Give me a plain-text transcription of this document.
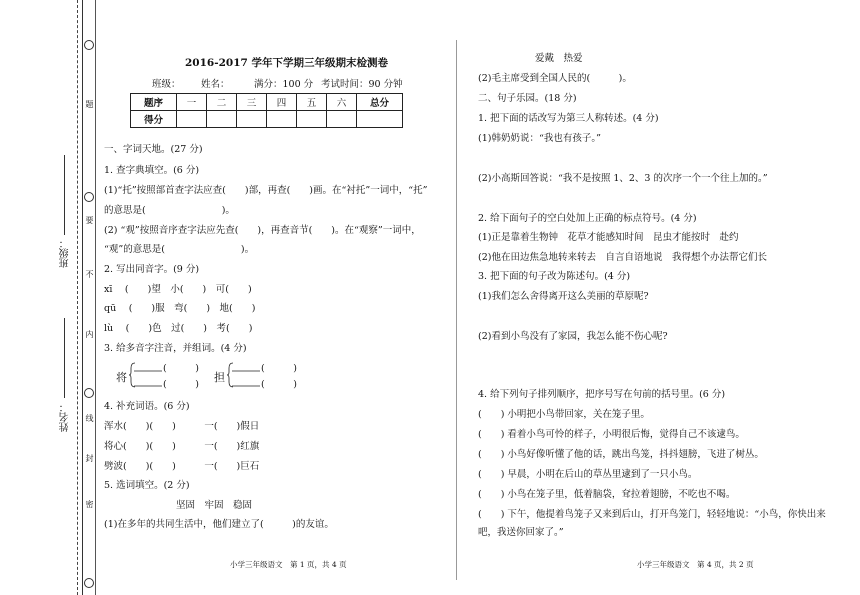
题
要
不
内
线
封
密
班级：
姓名：
2016-2017 学年下学期三年级期末检测卷
班级： 姓名：	满分：100 分 考试时间：90 分钟
题序	一	二	三	四	五	六	总分
得分							
一、字词天地。(27 分)
1. 查字典填空。(6 分)
(1)“托”按照部首查字法应查(　　)部，再查(　　)画。在“衬托”一词中，“托”
的意思是(　　　　　　　　)。
(2) “观”按照音序查字法应先查(　　)，再查音节(　　)。在“观察”一词中，
“观”的意思是(　　　　　　　　)。
2. 写出同音字。(9 分)
xī　 (　　)望　小(　　)　可(　　)
qū　 (　　)服　弯(　　)　地(　　)
lù　 (　　)色　过(　　)　考(　　)
3. 给多音字注音，并组词。(4 分)
将
(　　　)
(　　　)
担
(　　　)
(　　　)
4. 补充词语。(6 分)
浑水(　　)(　　)　　　一(　　)假日
将心(　　)(　　)　　　一(　　)红旗
劈波(　　)(　　)　　　一(　　)巨石
5. 选词填空。(2 分)
坚固　牢固　稳固
(1)在多年的共同生活中，他们建立了(　　　)的友谊。
小学三年级语文　第 1 页，共 4 页
爱戴　热爱
(2)毛主席受到全国人民的(　　　)。
二、句子乐园。(18 分)
1. 把下面的话改写为第三人称转述。(4 分)
(1)韩奶奶说：“我也有孩子。”
(2)小高斯回答说：“我不是按照 1、2、3 的次序一个一个往上加的。”
2. 给下面句子的空白处加上正确的标点符号。(4 分)
(1)正是靠着生物钟　花草才能感知时间　昆虫才能按时　赴约
(2)他在田边焦急地转来转去　自言自语地说　我得想个办法帮它们长
3. 把下面的句子改为陈述句。(4 分)
(1)我们怎么舍得离开这么美丽的草原呢?
(2)看到小鸟没有了家园，我怎么能不伤心呢?
4. 给下列句子排列顺序，把序号写在句前的括号里。(6 分)
(　　) 小明把小鸟带回家，关在笼子里。
(　　) 看着小鸟可怜的样子，小明很后悔，觉得自己不该逮鸟。
(　　) 小鸟好像听懂了他的话，跳出鸟笼，抖抖翅膀，飞进了树丛。
(　　) 早晨，小明在后山的草丛里逮到了一只小鸟。
(　　) 小鸟在笼子里，低着脑袋，耷拉着翅膀，不吃也不喝。
(　　) 下午，他提着鸟笼子又来到后山，打开鸟笼门，轻轻地说：“小鸟，你快出来
吧，我送你回家了。”
小学三年级语文　第 4 页，共 2 页
